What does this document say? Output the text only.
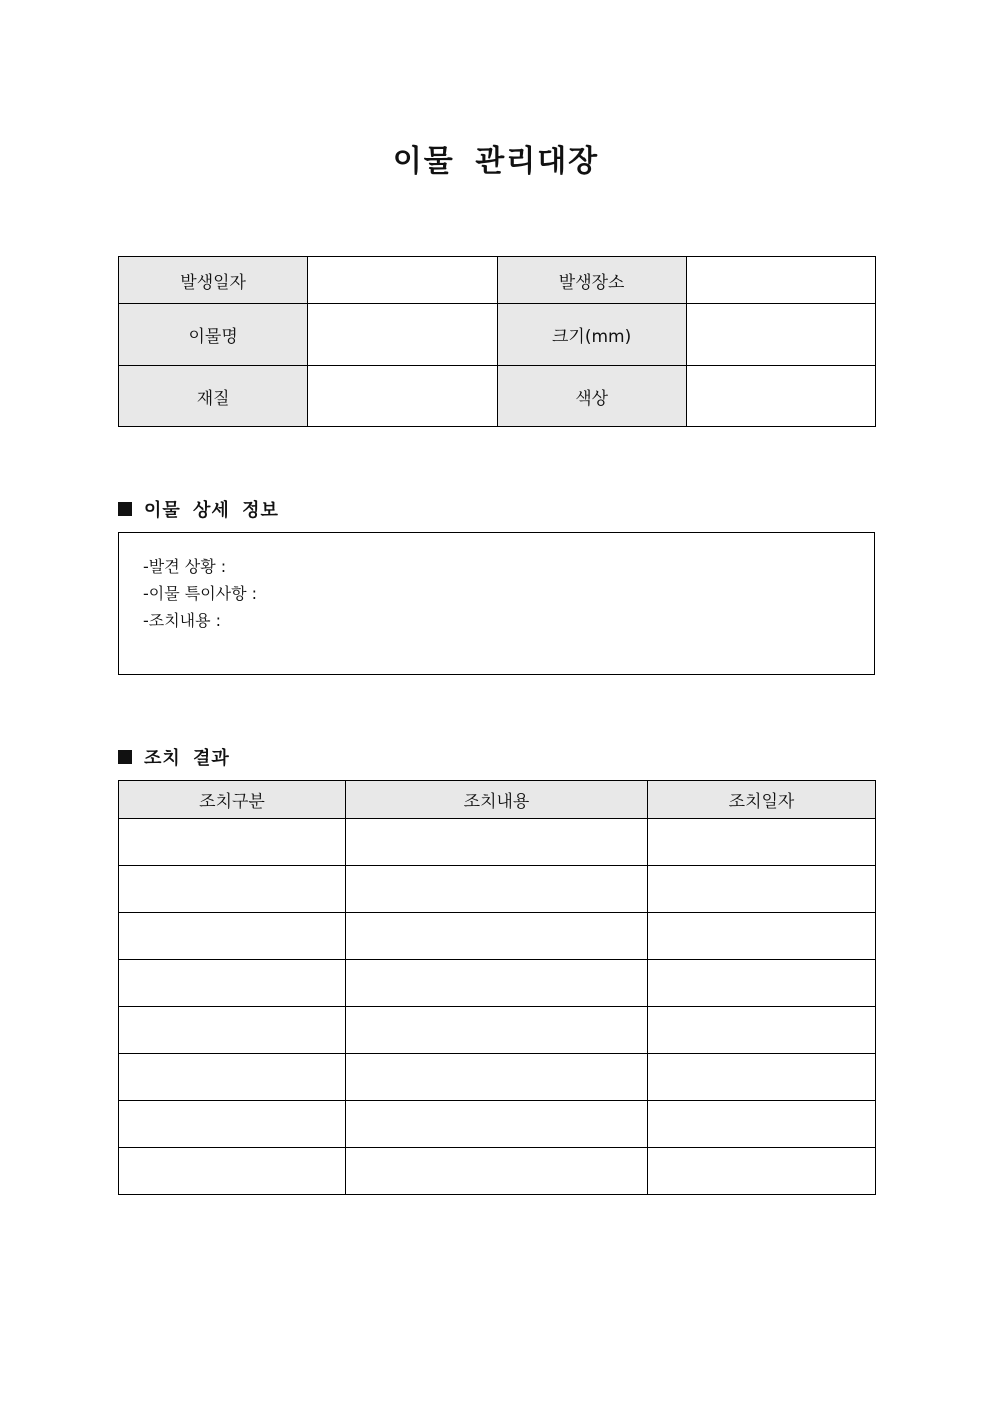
이물 관리대장
발생일자		발생장소	
이물명		크기(mm)	
재질		색상	
이물 상세 정보
-발견 상황 :
-이물 특이사항 :
-조치내용 :
조치 결과
조치구분	조치내용	조치일자
